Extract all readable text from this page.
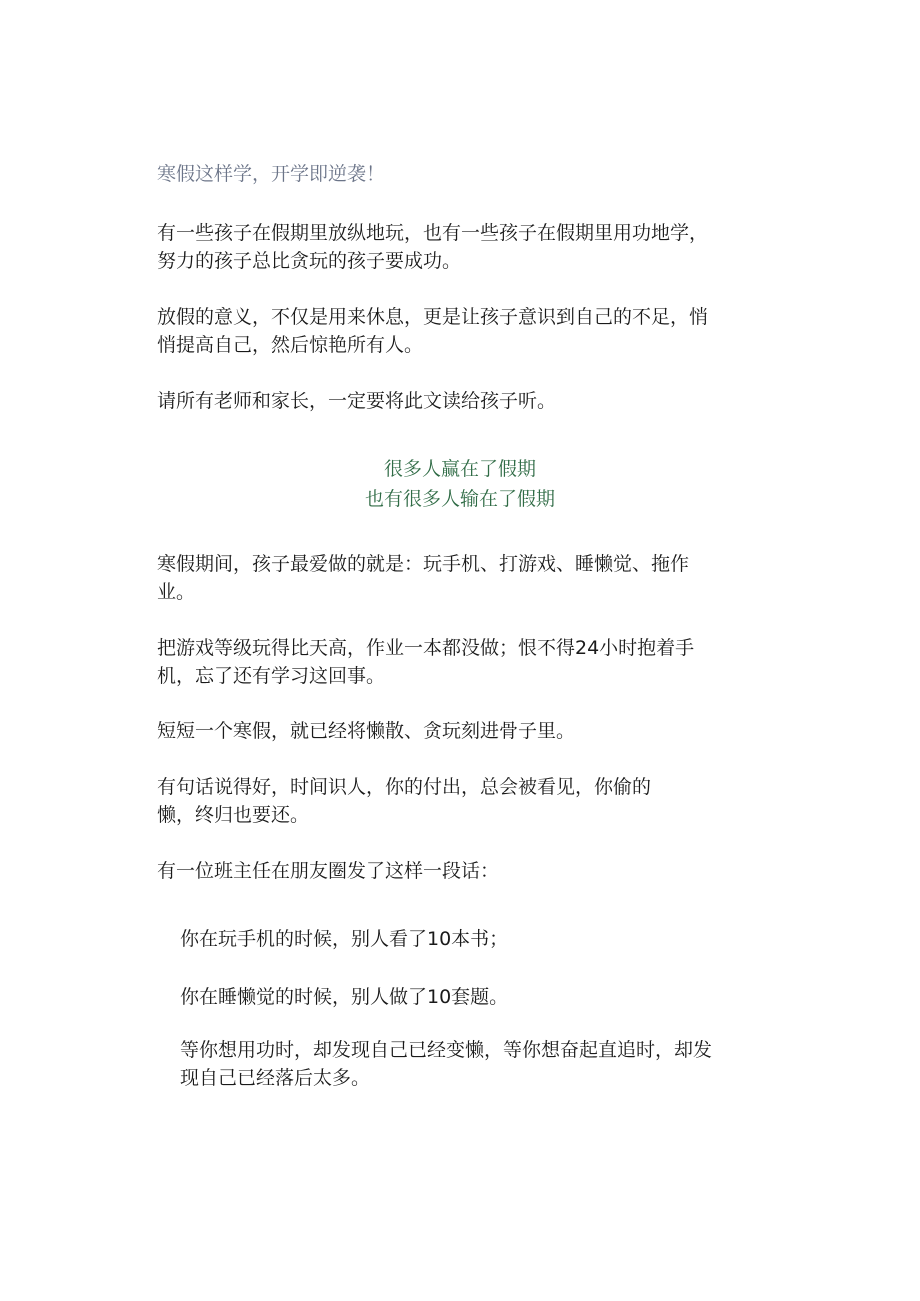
寒假这样学，开学即逆袭！

有一些孩子在假期里放纵地玩，也有一些孩子在假期里用功地学，
努力的孩子总比贪玩的孩子要成功。

放假的意义，不仅是用来休息，更是让孩子意识到自己的不足，悄
悄提高自己，然后惊艳所有人。

请所有老师和家长，一定要将此文读给孩子听。

很多人赢在了假期
也有很多人输在了假期

寒假期间，孩子最爱做的就是：玩手机、打游戏、睡懒觉、拖作
业。

把游戏等级玩得比天高，作业一本都没做；恨不得24小时抱着手
机，忘了还有学习这回事。

短短一个寒假，就已经将懒散、贪玩刻进骨子里。

有句话说得好，时间识人，你的付出，总会被看见，你偷的
懒，终归也要还。

有一位班主任在朋友圈发了这样一段话：

你在玩手机的时候，别人看了10本书；

你在睡懒觉的时候，别人做了10套题。

等你想用功时，却发现自己已经变懒，等你想奋起直追时，却发
现自己已经落后太多。
